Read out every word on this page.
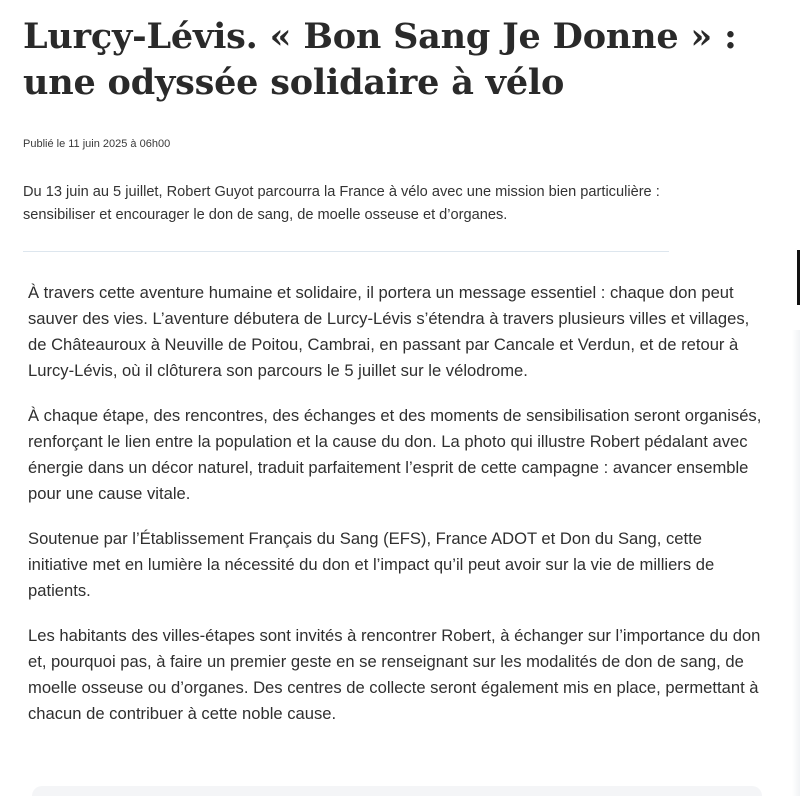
Lurçy-Lévis. « Bon Sang Je Donne » : une odyssée solidaire à vélo
Publié le 11 juin 2025 à 06h00

Du 13 juin au 5 juillet, Robert Guyot parcourra la France à vélo avec une mission bien particulière : sensibiliser et encourager le don de sang, de moelle osseuse et d’organes.

À travers cette aventure humaine et solidaire, il portera un message essentiel : chaque don peut sauver des vies. L’aventure débutera de Lurcy-Lévis s’étendra à travers plusieurs villes et villages, de Châteauroux à Neuville de Poitou, Cambrai, en passant par Cancale et Verdun, et de retour à Lurcy-Lévis, où il clôturera son parcours le 5 juillet sur le vélodrome.

À chaque étape, des rencontres, des échanges et des moments de sensibilisation seront organisés, renforçant le lien entre la population et la cause du don. La photo qui illustre Robert pédalant avec énergie dans un décor naturel, traduit parfaitement l’esprit de cette campagne : avancer ensemble pour une cause vitale.

Soutenue par l’Établissement Français du Sang (EFS), France ADOT et Don du Sang, cette initiative met en lumière la nécessité du don et l’impact qu’il peut avoir sur la vie de milliers de patients.

Les habitants des villes-étapes sont invités à rencontrer Robert, à échanger sur l’importance du don et, pourquoi pas, à faire un premier geste en se renseignant sur les modalités de don de sang, de moelle osseuse ou d’organes. Des centres de collecte seront également mis en place, permettant à chacun de contribuer à cette noble cause.
